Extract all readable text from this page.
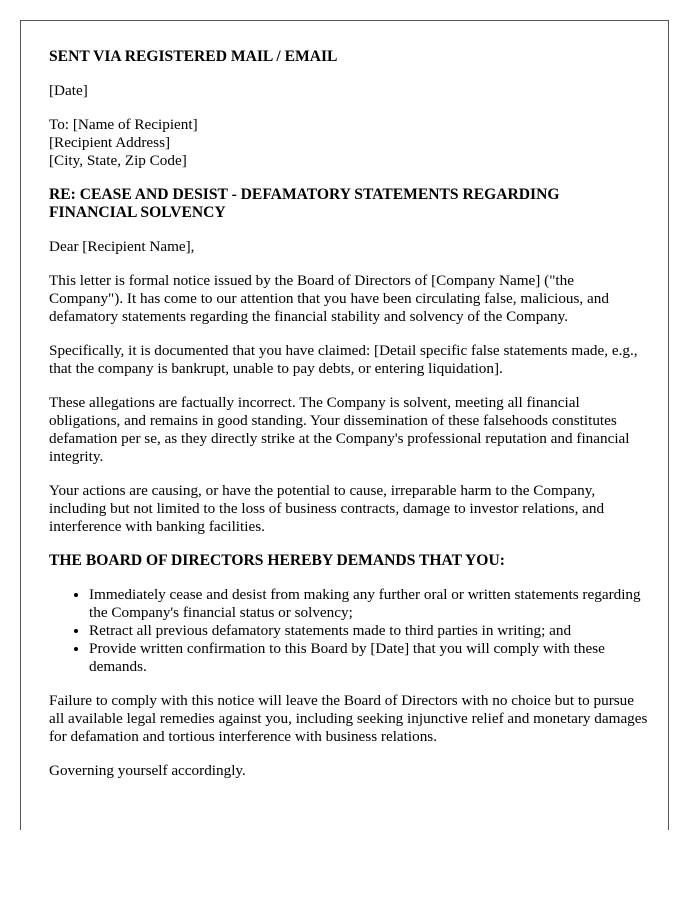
SENT VIA REGISTERED MAIL / EMAIL

[Date]

To: [Name of Recipient]
[Recipient Address]
[City, State, Zip Code]

RE: CEASE AND DESIST - DEFAMATORY STATEMENTS REGARDING FINANCIAL SOLVENCY

Dear [Recipient Name],

This letter is formal notice issued by the Board of Directors of [Company Name] ("the Company"). It has come to our attention that you have been circulating false, malicious, and defamatory statements regarding the financial stability and solvency of the Company.

Specifically, it is documented that you have claimed: [Detail specific false statements made, e.g., that the company is bankrupt, unable to pay debts, or entering liquidation].

These allegations are factually incorrect. The Company is solvent, meeting all financial obligations, and remains in good standing. Your dissemination of these falsehoods constitutes defamation per se, as they directly strike at the Company's professional reputation and financial integrity.

Your actions are causing, or have the potential to cause, irreparable harm to the Company, including but not limited to the loss of business contracts, damage to investor relations, and interference with banking facilities.

THE BOARD OF DIRECTORS HEREBY DEMANDS THAT YOU:

• Immediately cease and desist from making any further oral or written statements regarding the Company's financial status or solvency;
• Retract all previous defamatory statements made to third parties in writing; and
• Provide written confirmation to this Board by [Date] that you will comply with these demands.

Failure to comply with this notice will leave the Board of Directors with no choice but to pursue all available legal remedies against you, including seeking injunctive relief and monetary damages for defamation and tortious interference with business relations.

Governing yourself accordingly.
